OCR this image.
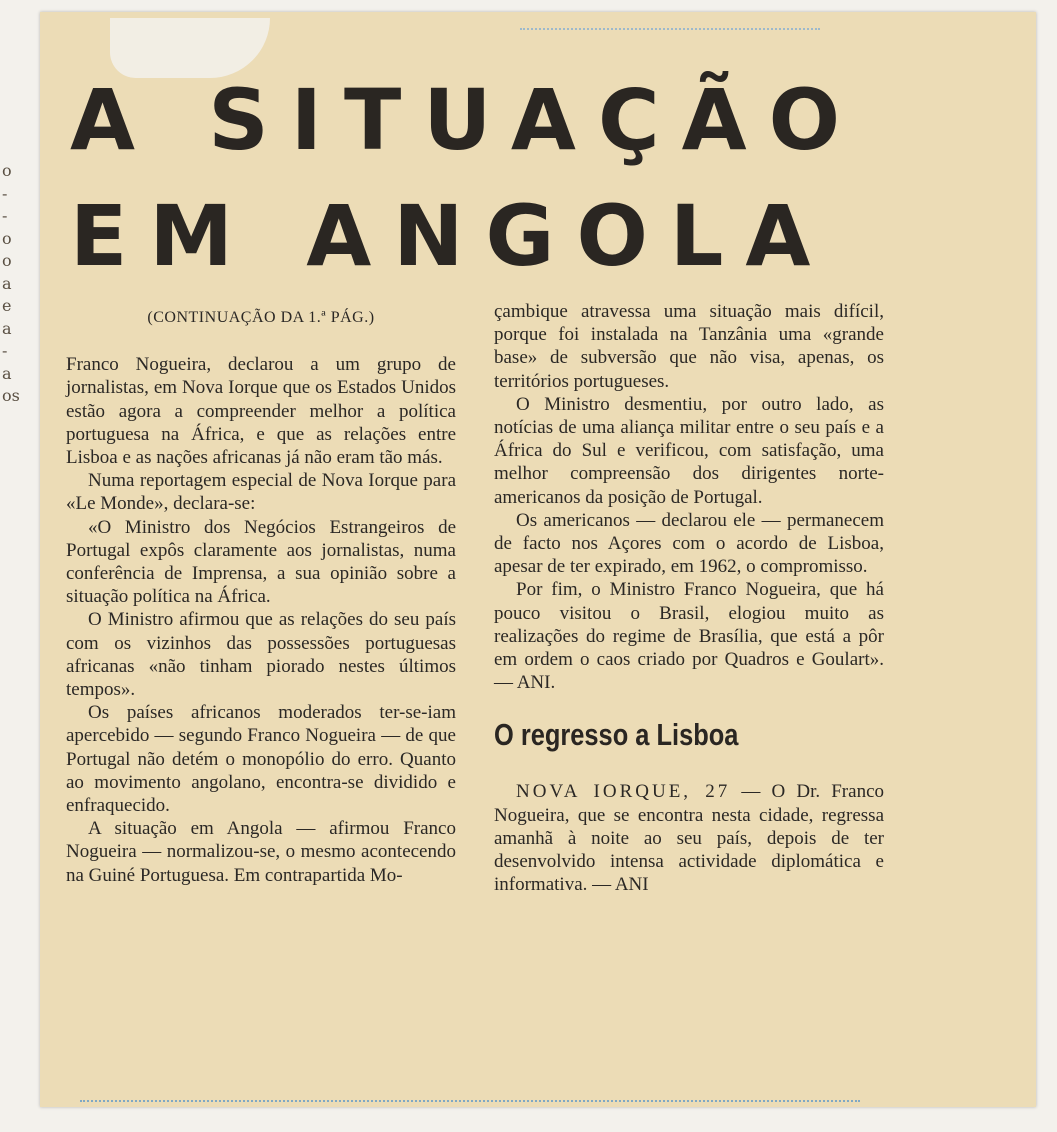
o
-
-
o
o
a
e
a
-
a
os
A SITUAÇÃO
EM ANGOLA

(CONTINUAÇÃO DA 1.ª PÁG.)

Franco Nogueira, declarou a um grupo de jornalistas, em Nova Iorque que os Estados Unidos estão agora a compreender melhor a política portuguesa na África, e que as relações entre Lisboa e as nações africanas já não eram tão más.

Numa reportagem especial de Nova Iorque para «Le Monde», declara-se:

«O Ministro dos Negócios Estrangeiros de Portugal expôs claramente aos jornalistas, numa conferência de Imprensa, a sua opinião sobre a situação política na África.

O Ministro afirmou que as relações do seu país com os vizinhos das possessões portuguesas africanas «não tinham piorado nestes últimos tempos».

Os países africanos moderados ter-se-iam apercebido — segundo Franco Nogueira — de que Portugal não detém o monopólio do erro. Quanto ao movimento angolano, encontra-se dividido e enfraquecido.

A situação em Angola — afirmou Franco Nogueira — normalizou-se, o mesmo acontecendo na Guiné Portuguesa. Em contrapartida Mo-

çambique atravessa uma situação mais difícil, porque foi instalada na Tanzânia uma «grande base» de subversão que não visa, apenas, os territórios portugueses.

O Ministro desmentiu, por outro lado, as notícias de uma aliança militar entre o seu país e a África do Sul e verificou, com satisfação, uma melhor compreensão dos dirigentes norte-americanos da posição de Portugal.

Os americanos — declarou ele — permanecem de facto nos Açores com o acordo de Lisboa, apesar de ter expirado, em 1962, o compromisso.

Por fim, o Ministro Franco Nogueira, que há pouco visitou o Brasil, elogiou muito as realizações do regime de Brasília, que está a pôr em ordem o caos criado por Quadros e Goulart». — ANI.

O regresso a Lisboa

NOVA IORQUE, 27 — O Dr. Franco Nogueira, que se encontra nesta cidade, regressa amanhã à noite ao seu país, depois de ter desenvolvido intensa actividade diplomática e informativa. — ANI
